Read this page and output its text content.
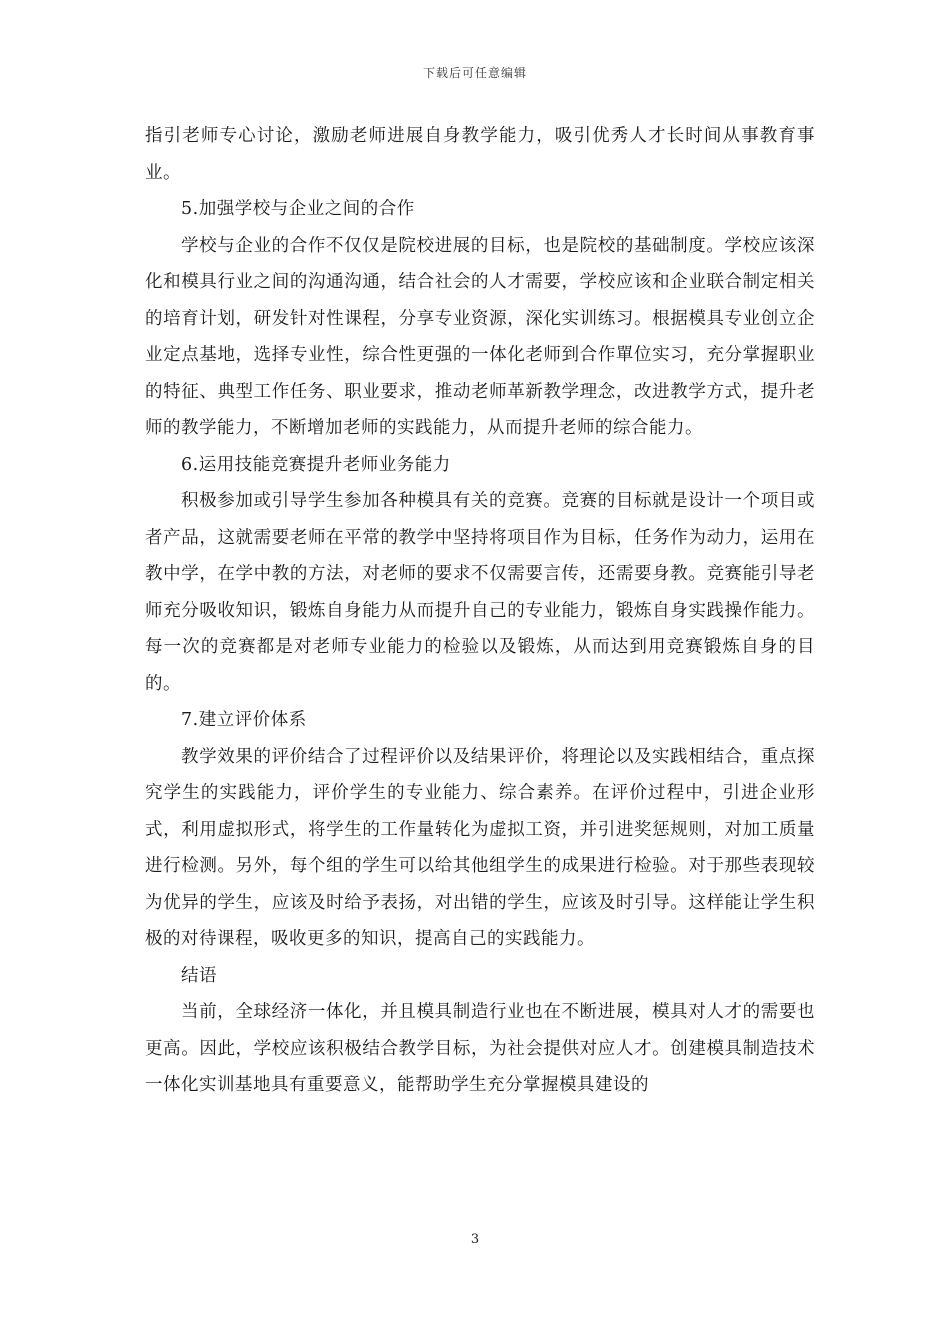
下载后可任意编辑

指引老师专心讨论，激励老师进展自身教学能力，吸引优秀人才长时间从事教育事业。

5.加强学校与企业之间的合作

学校与企业的合作不仅仅是院校进展的目标，也是院校的基础制度。学校应该深化和模具行业之间的沟通沟通，结合社会的人才需要，学校应该和企业联合制定相关的培育计划，研发针对性课程，分享专业资源，深化实训练习。根据模具专业创立企业定点基地，选择专业性，综合性更强的一体化老师到合作單位实习，充分掌握职业的特征、典型工作任务、职业要求，推动老师革新教学理念，改进教学方式，提升老师的教学能力，不断增加老师的实践能力，从而提升老师的综合能力。

6.运用技能竞赛提升老师业务能力

积极参加或引导学生参加各种模具有关的竞赛。竞赛的目标就是设计一个项目或者产品，这就需要老师在平常的教学中坚持将项目作为目标，任务作为动力，运用在教中学，在学中教的方法，对老师的要求不仅需要言传，还需要身教。竞赛能引导老师充分吸收知识，锻炼自身能力从而提升自己的专业能力，锻炼自身实践操作能力。每一次的竞赛都是对老师专业能力的检验以及锻炼，从而达到用竞赛锻炼自身的目的。

7.建立评价体系

教学效果的评价结合了过程评价以及结果评价，将理论以及实践相结合，重点探究学生的实践能力，评价学生的专业能力、综合素养。在评价过程中，引进企业形式，利用虚拟形式，将学生的工作量转化为虚拟工资，并引进奖惩规则，对加工质量进行检测。另外，每个组的学生可以给其他组学生的成果进行检验。对于那些表现较为优异的学生，应该及时给予表扬，对出错的学生，应该及时引导。这样能让学生积极的对待课程，吸收更多的知识，提高自己的实践能力。

结语

当前，全球经济一体化，并且模具制造行业也在不断进展，模具对人才的需要也更高。因此，学校应该积极结合教学目标，为社会提供对应人才。创建模具制造技术一体化实训基地具有重要意义，能帮助学生充分掌握模具建设的

3
